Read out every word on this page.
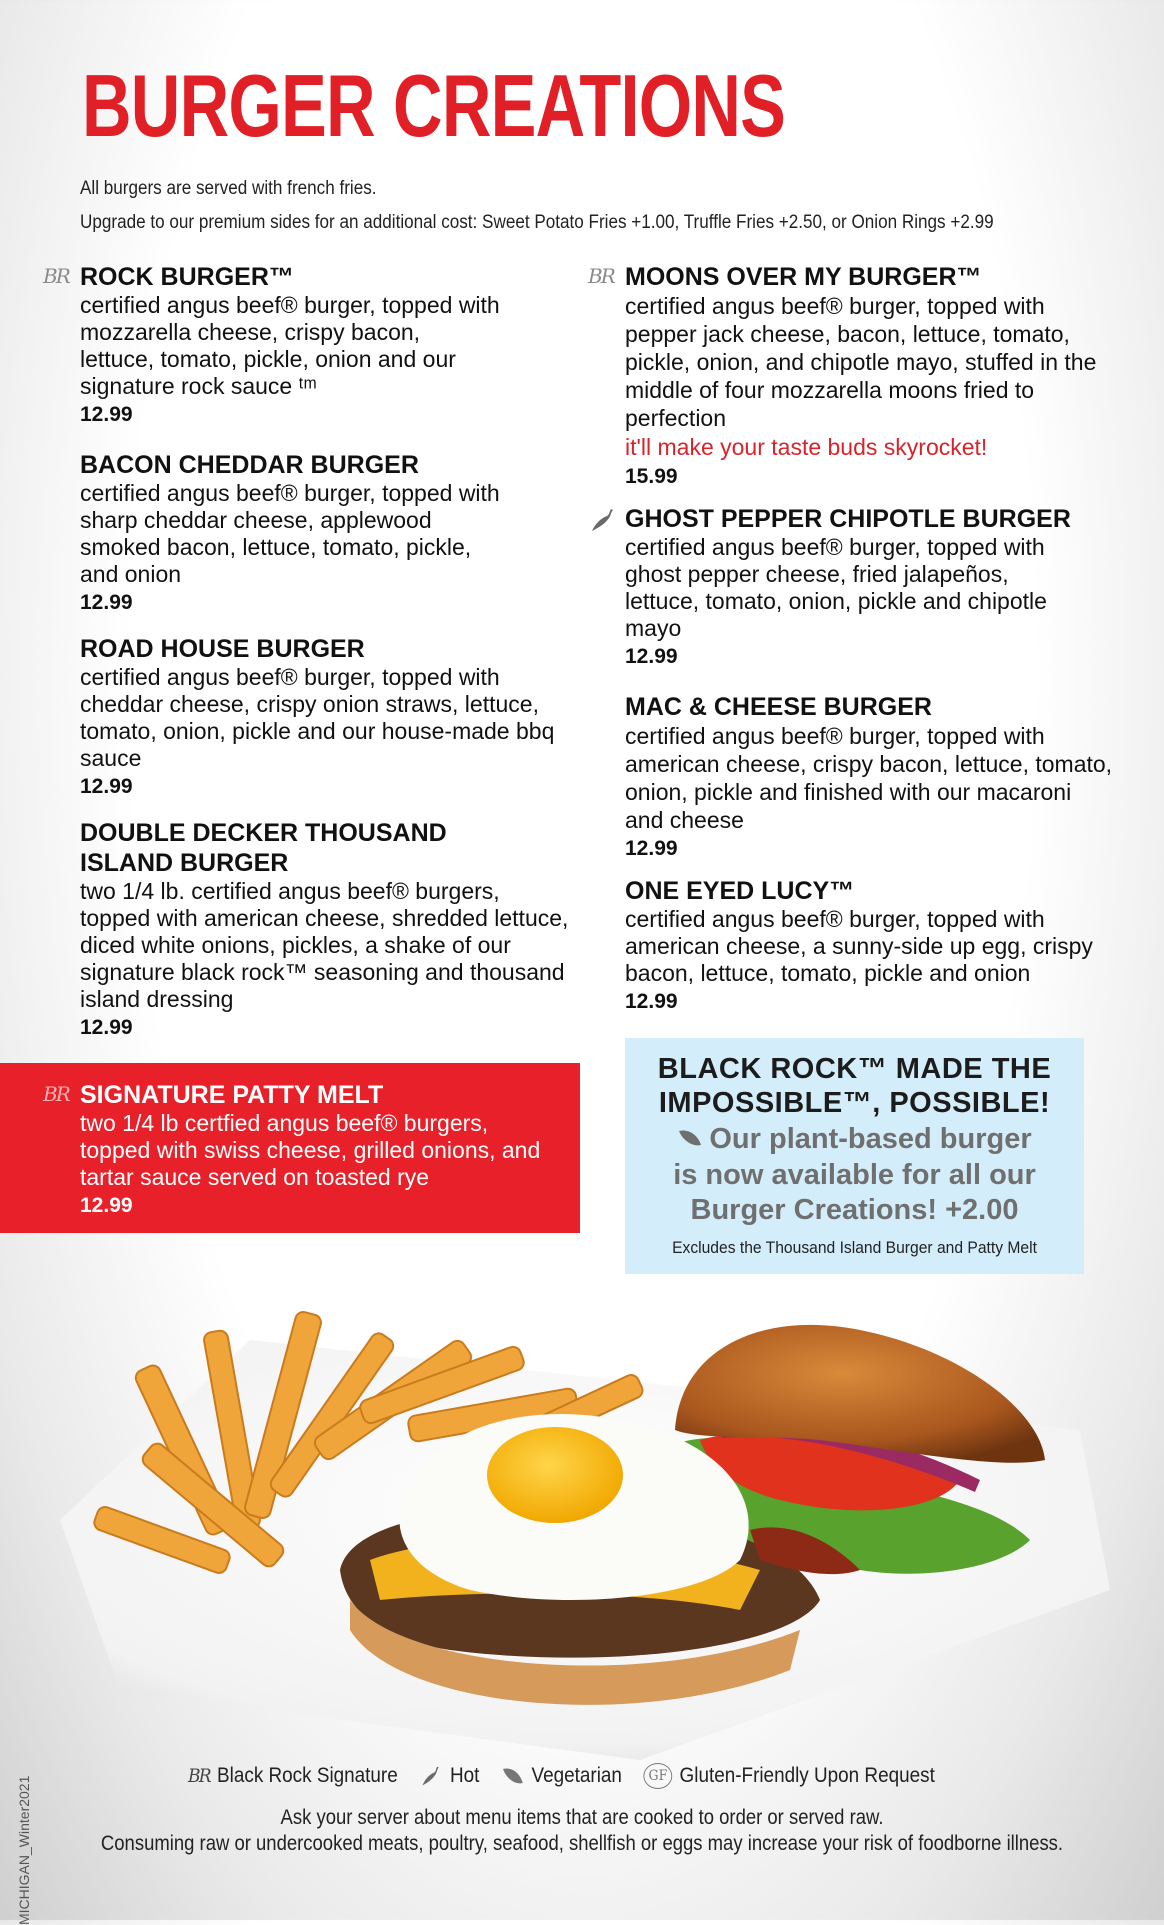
BURGER CREATIONS
All burgers are served with french fries.
Upgrade to our premium sides for an additional cost: Sweet Potato Fries +1.00, Truffle Fries +2.50, or Onion Rings +2.99
BR ROCK BURGER™
certified angus beef® burger, topped with mozzarella cheese, crispy bacon, lettuce, tomato, pickle, onion and our signature rock sauce ᵗᵐ
12.99
BACON CHEDDAR BURGER
certified angus beef® burger, topped with sharp cheddar cheese, applewood smoked bacon, lettuce, tomato, pickle, and onion
12.99
ROAD HOUSE BURGER
certified angus beef® burger, topped with cheddar cheese, crispy onion straws, lettuce, tomato, onion, pickle and our house-made bbq sauce
12.99
DOUBLE DECKER THOUSAND ISLAND BURGER
two 1/4 lb. certified angus beef® burgers, topped with american cheese, shredded lettuce, diced white onions, pickles, a shake of our signature black rock™ seasoning and thousand island dressing
12.99
BR SIGNATURE PATTY MELT
two 1/4 lb certfied angus beef® burgers, topped with swiss cheese, grilled onions, and tartar sauce served on toasted rye
12.99
BR MOONS OVER MY BURGER™
certified angus beef® burger, topped with pepper jack cheese, bacon, lettuce, tomato, pickle, onion, and chipotle mayo, stuffed in the middle of four mozzarella moons fried to perfection
it'll make your taste buds skyrocket!
15.99
GHOST PEPPER CHIPOTLE BURGER
certified angus beef® burger, topped with ghost pepper cheese, fried jalapeños, lettuce, tomato, onion, pickle and chipotle mayo
12.99
MAC & CHEESE BURGER
certified angus beef® burger, topped with american cheese, crispy bacon, lettuce, tomato, onion, pickle and finished with our macaroni and cheese
12.99
ONE EYED LUCY™
certified angus beef® burger, topped with american cheese, a sunny-side up egg, crispy bacon, lettuce, tomato, pickle and onion
12.99
BLACK ROCK™ MADE THE
IMPOSSIBLE™, POSSIBLE!
Our plant-based burger
is now available for all our
Burger Creations! +2.00
Excludes the Thousand Island Burger and Patty Melt
BR Black Rock Signature Hot Vegetarian	GF Gluten-Friendly Upon Request
Ask your server about menu items that are cooked to order or served raw.
Consuming raw or undercooked meats, poultry, seafood, shellfish or eggs may increase your risk of foodborne illness.
MICHIGAN_Winter2021
